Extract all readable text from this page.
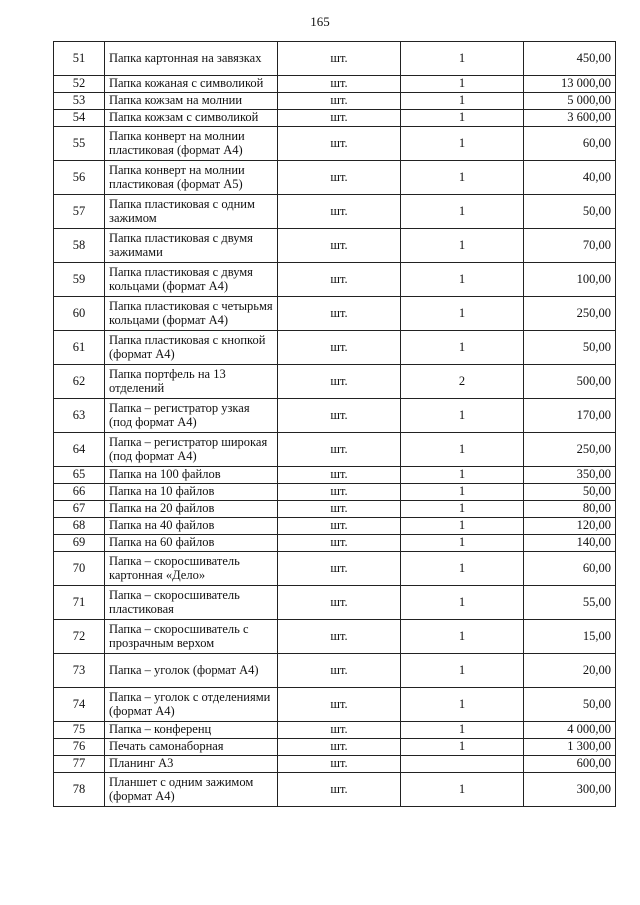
165
51	Папка картонная на завязках	шт.	1	450,00
52	Папка кожаная с символикой	шт.	1	13 000,00
53	Папка кожзам на молнии	шт.	1	5 000,00
54	Папка кожзам с символикой	шт.	1	3 600,00
55	Папка конверт на молнии пластиковая (формат А4)	шт.	1	60,00
56	Папка конверт на молнии пластиковая (формат А5)	шт.	1	40,00
57	Папка пластиковая с одним зажимом	шт.	1	50,00
58	Папка пластиковая с двумя зажимами	шт.	1	70,00
59	Папка пластиковая с двумя кольцами (формат А4)	шт.	1	100,00
60	Папка пластиковая с четырьмя кольцами (формат А4)	шт.	1	250,00
61	Папка пластиковая с кнопкой (формат А4)	шт.	1	50,00
62	Папка портфель на 13 отделений	шт.	2	500,00
63	Папка – регистратор узкая (под формат А4)	шт.	1	170,00
64	Папка – регистратор широкая (под формат А4)	шт.	1	250,00
65	Папка на 100 файлов	шт.	1	350,00
66	Папка на 10 файлов	шт.	1	50,00
67	Папка на 20 файлов	шт.	1	80,00
68	Папка на 40 файлов	шт.	1	120,00
69	Папка на 60 файлов	шт.	1	140,00
70	Папка – скоросшиватель картонная «Дело»	шт.	1	60,00
71	Папка – скоросшиватель пластиковая	шт.	1	55,00
72	Папка – скоросшиватель с прозрачным верхом	шт.	1	15,00
73	Папка – уголок (формат А4)	шт.	1	20,00
74	Папка – уголок с отделениями (формат А4)	шт.	1	50,00
75	Папка – конференц	шт.	1	4 000,00
76	Печать самонаборная	шт.	1	1 300,00
77	Планинг А3	шт.		600,00
78	Планшет с одним зажимом (формат А4)	шт.	1	300,00
